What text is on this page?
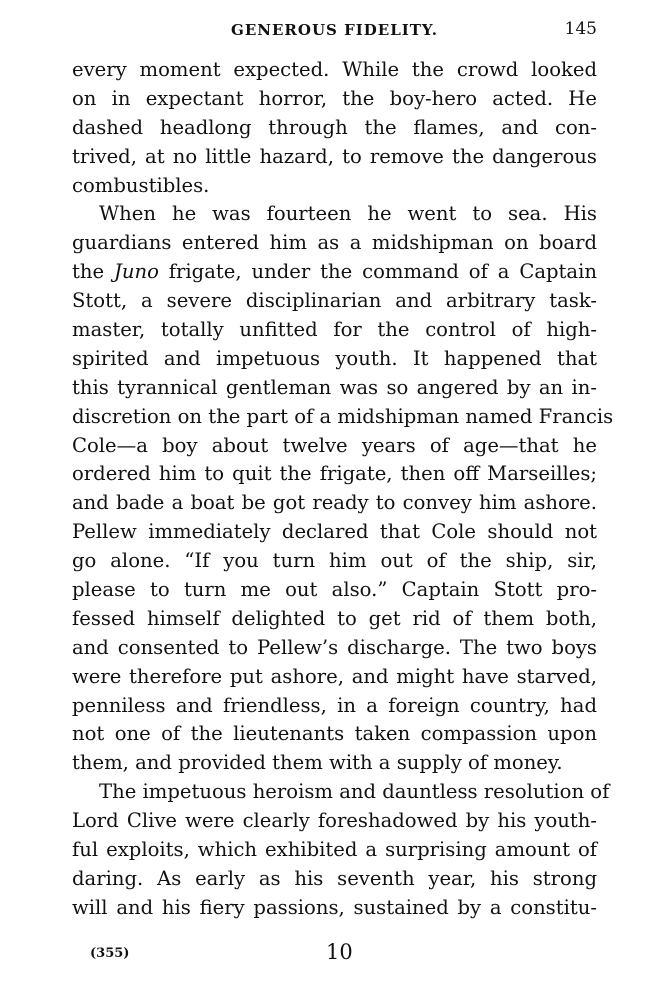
GENEROUS FIDELITY.	145
every moment expected. While the crowd looked
on in expectant horror, the boy-hero acted. He
dashed headlong through the flames, and con-
trived, at no little hazard, to remove the dangerous
combustibles.
When he was fourteen he went to sea. His
guardians entered him as a midshipman on board
the Juno frigate, under the command of a Captain
Stott, a severe disciplinarian and arbitrary task-
master, totally unfitted for the control of high-
spirited and impetuous youth. It happened that
this tyrannical gentleman was so angered by an in-
discretion on the part of a midshipman named Francis
Cole—a boy about twelve years of age—that he
ordered him to quit the frigate, then off Marseilles;
and bade a boat be got ready to convey him ashore.
Pellew immediately declared that Cole should not
go alone. “If you turn him out of the ship, sir,
please to turn me out also.” Captain Stott pro-
fessed himself delighted to get rid of them both,
and consented to Pellew’s discharge. The two boys
were therefore put ashore, and might have starved,
penniless and friendless, in a foreign country, had
not one of the lieutenants taken compassion upon
them, and provided them with a supply of money.
The impetuous heroism and dauntless resolution of
Lord Clive were clearly foreshadowed by his youth-
ful exploits, which exhibited a surprising amount of
daring. As early as his seventh year, his strong
will and his fiery passions, sustained by a constitu-
(355)	10
